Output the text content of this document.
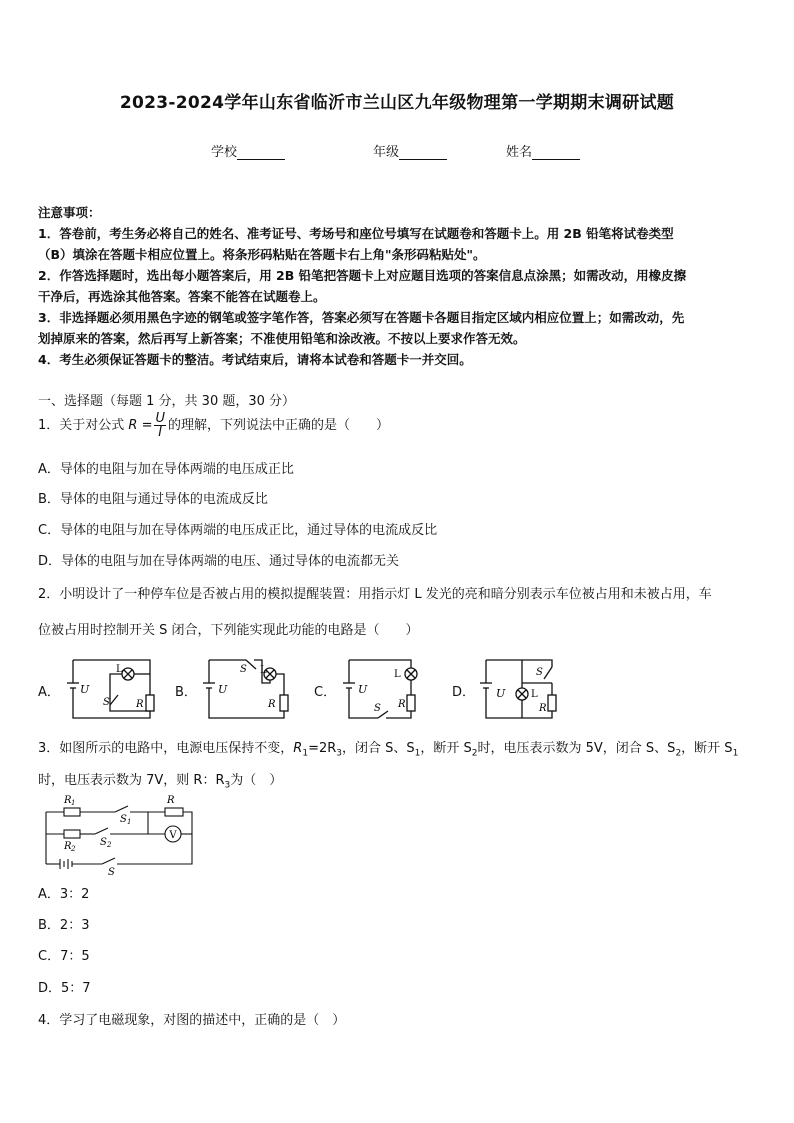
2023-2024学年山东省临沂市兰山区九年级物理第一学期期末调研试题
学校	年级	姓名
注意事项：
1．答卷前，考生务必将自己的姓名、准考证号、考场号和座位号填写在试题卷和答题卡上。用 2B 铅笔将试卷类型
（B）填涂在答题卡相应位置上。将条形码粘贴在答题卡右上角"条形码粘贴处"。
2．作答选择题时，选出每小题答案后，用 2B 铅笔把答题卡上对应题目选项的答案信息点涂黑；如需改动，用橡皮擦
干净后，再选涂其他答案。答案不能答在试题卷上。
3．非选择题必须用黑色字迹的钢笔或签字笔作答，答案必须写在答题卡各题目指定区域内相应位置上；如需改动，先
划掉原来的答案，然后再写上新答案；不准使用铅笔和涂改液。不按以上要求作答无效。
4．考生必须保证答题卡的整洁。考试结束后，请将本试卷和答题卡一并交回。
一、选择题（每题 1 分，共 30 题，30 分）
1．关于对公式 $R = \frac{U}{I}$ 的理解，下列说法中正确的是（　　）
A．导体的电阻与加在导体两端的电压成正比
B．导体的电阻与通过导体的电流成反比
C．导体的电阻与加在导体两端的电压成正比，通过导体的电流成反比
D．导体的电阻与加在导体两端的电压、通过导体的电流都无关
2．小明设计了一种停车位是否被占用的模拟提醒装置：用指示灯 L 发光的亮和暗分别表示车位被占用和未被占用，车
位被占用时控制开关 S 闭合，下列能实现此功能的电路是（　　）
A．	B．	C．	D．
U
L
S	R
U
L
S
R
U
L
S R
U	L
S
R
3．如图所示的电路中，电源电压保持不变，$R_1=2R_3$，闭合 S、$S_1$，断开 $S_2$时，电压表示数为 5V，闭合 S、$S_2$，断开 $S_1$
时，电压表示数为 7V，则 R：$R_3$为（　）
V
R 1	R
S 1
S 2
R 2
S
A．3：2
B．2：3
C．7：5
D．5：7
4．学习了电磁现象，对图的描述中，正确的是（　）
